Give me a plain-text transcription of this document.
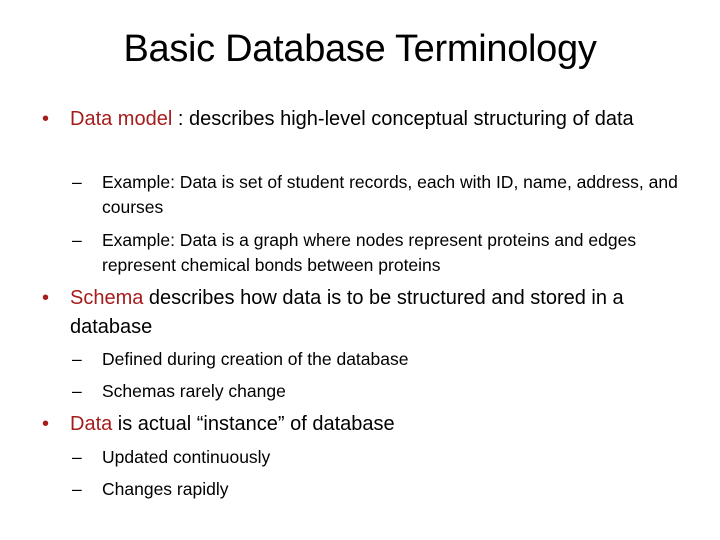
Basic Database Terminology
• Data model : describes high-level conceptual structuring of data
– Example: Data is set of student records, each with ID, name, address, and courses
– Example: Data is a graph where nodes represent proteins and edges represent chemical bonds between proteins
• Schema describes how data is to be structured and stored in a database
– Defined during creation of the database
– Schemas rarely change
• Data is actual “instance” of database
– Updated continuously
– Changes rapidly
